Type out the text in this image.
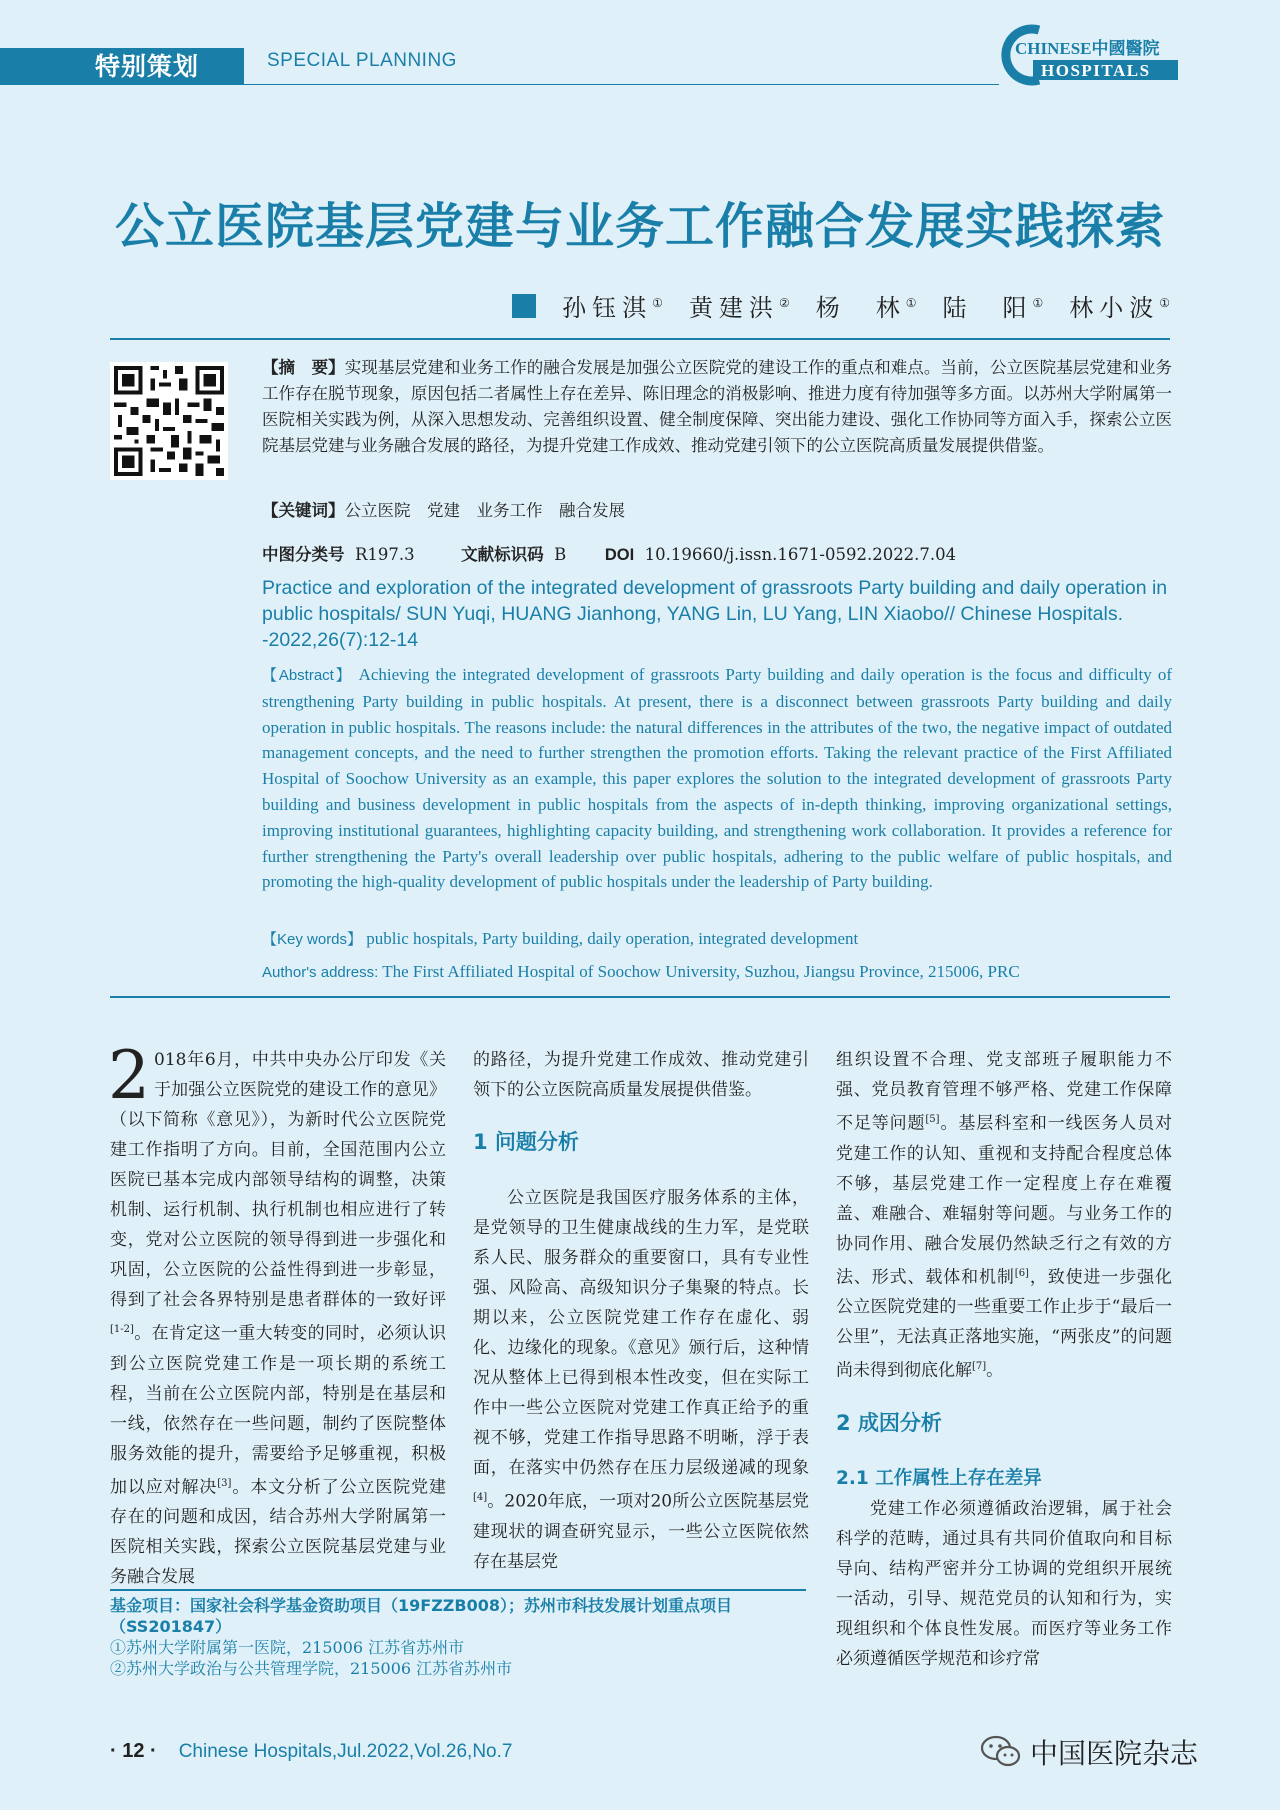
特别策划	SPECIAL PLANNING
CHINESE中國醫院
HOSPITALS
公立医院基层党建与业务工作融合发展实践探索
孙钰淇① 黄建洪② 杨　林① 陆　阳① 林小波①
【摘　要】实现基层党建和业务工作的融合发展是加强公立医院党的建设工作的重点和难点。当前，公立医院基层党建和业务工作存在脱节现象，原因包括二者属性上存在差异、陈旧理念的消极影响、推进力度有待加强等多方面。以苏州大学附属第一医院相关实践为例，从深入思想发动、完善组织设置、健全制度保障、突出能力建设、强化工作协同等方面入手，探索公立医院基层党建与业务融合发展的路径，为提升党建工作成效、推动党建引领下的公立医院高质量发展提供借鉴。
【关键词】公立医院　党建　业务工作　融合发展
中图分类号 R197.3	文献标识码 B DOI 10.19660/j.issn.1671-0592.2022.7.04
Practice and exploration of the integrated development of grassroots Party building and daily operation in public hospitals/ SUN Yuqi, HUANG Jianhong, YANG Lin, LU Yang, LIN Xiaobo// Chinese Hospitals. -2022,26(7):12-14
【Abstract】 Achieving the integrated development of grassroots Party building and daily operation is the focus and difficulty of strengthening Party building in public hospitals. At present, there is a disconnect between grassroots Party building and daily operation in public hospitals. The reasons include: the natural differences in the attributes of the two, the negative impact of outdated management concepts, and the need to further strengthen the promotion efforts. Taking the relevant practice of the First Affiliated Hospital of Soochow University as an example, this paper explores the solution to the integrated development of grassroots Party building and business development in public hospitals from the aspects of in-depth thinking, improving organizational settings, improving institutional guarantees, highlighting capacity building, and strengthening work collaboration. It provides a reference for further strengthening the Party's overall leadership over public hospitals, adhering to the public welfare of public hospitals, and promoting the high-quality development of public hospitals under the leadership of Party building.
【Key words】 public hospitals, Party building, daily operation, integrated development
Author's address: The First Affiliated Hospital of Soochow University, Suzhou, Jiangsu Province, 215006, PRC

2 018年6月，中共中央办公厅印发《关于加强公立医院党的建设工作的意见》（以下简称《意见》），为新时代公立医院党建工作指明了方向。目前，全国范围内公立医院已基本完成内部领导结构的调整，决策机制、运行机制、执行机制也相应进行了转变，党对公立医院的领导得到进一步强化和巩固，公立医院的公益性得到进一步彰显，得到了社会各界特别是患者群体的一致好评[1-2]。在肯定这一重大转变的同时，必须认识到公立医院党建工作是一项长期的系统工程，当前在公立医院内部，特别是在基层和一线，依然存在一些问题，制约了医院整体服务效能的提升，需要给予足够重视，积极加以应对解决[3]。本文分析了公立医院党建存在的问题和成因，结合苏州大学附属第一医院相关实践，探索公立医院基层党建与业务融合发展

的路径，为提升党建工作成效、推动党建引领下的公立医院高质量发展提供借鉴。

1 问题分析

公立医院是我国医疗服务体系的主体，是党领导的卫生健康战线的生力军，是党联系人民、服务群众的重要窗口，具有专业性强、风险高、高级知识分子集聚的特点。长期以来，公立医院党建工作存在虚化、弱化、边缘化的现象。《意见》颁行后，这种情况从整体上已得到根本性改变，但在实际工作中一些公立医院对党建工作真正给予的重视不够，党建工作指导思路不明晰，浮于表面，在落实中仍然存在压力层级递减的现象[4]。2020年底，一项对20所公立医院基层党建现状的调查研究显示，一些公立医院依然存在基层党

组织设置不合理、党支部班子履职能力不强、党员教育管理不够严格、党建工作保障不足等问题[5]。基层科室和一线医务人员对党建工作的认知、重视和支持配合程度总体不够，基层党建工作一定程度上存在难覆盖、难融合、难辐射等问题。与业务工作的协同作用、融合发展仍然缺乏行之有效的方法、形式、载体和机制[6]，致使进一步强化公立医院党建的一些重要工作止步于“最后一公里”，无法真正落地实施，“两张皮”的问题尚未得到彻底化解[7]。

2 成因分析
2.1 工作属性上存在差异

党建工作必须遵循政治逻辑，属于社会科学的范畴，通过具有共同价值取向和目标导向、结构严密并分工协调的党组织开展统一活动，引导、规范党员的认知和行为，实现组织和个体良性发展。而医疗等业务工作必须遵循医学规范和诊疗常

基金项目：国家社会科学基金资助项目（19FZZB008）；苏州市科技发展计划重点项目（SS201847）
①苏州大学附属第一医院，215006 江苏省苏州市
②苏州大学政治与公共管理学院，215006 江苏省苏州市
· 12 · Chinese Hospitals,Jul.2022,Vol.26,No.7	中国医院杂志
